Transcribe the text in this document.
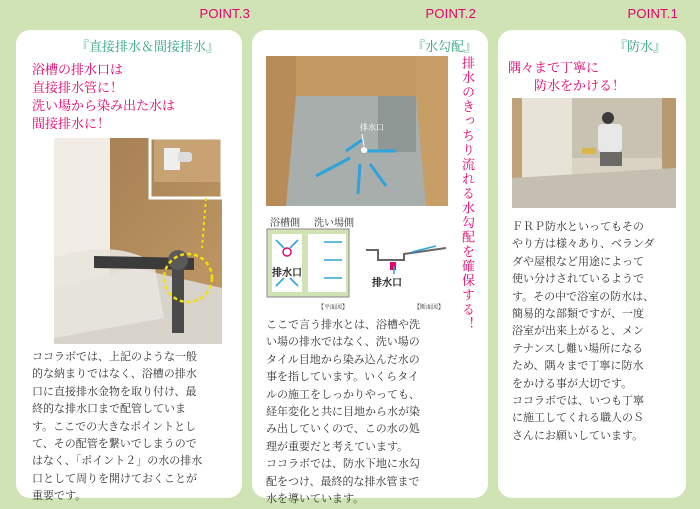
POINT.3
『直接排水＆間接排水』
浴槽の排水口は
直接排水管に！
洗い場から染み出た水は
間接排水に！
ココラボでは、上記のような一般
的な納まりではなく、浴槽の排水
口に直接排水金物を取り付け、最
終的な排水口まで配管していま
す。ここでの大きなポイントとし
て、その配管を繋いでしまうので
はなく、「ポイント２」の水の排水
口として周りを開けておくことが
重要です。
POINT.2
『水勾配』
排水口
浴槽側 洗い場側
排水口
排水口
【平面図】	【断面図】 排水のきっちり流れる水勾配を確保する！
ここで言う排水とは、浴槽や洗
い場の排水ではなく、洗い場の
タイル目地から染み込んだ水の
事を指しています。いくらタイ
ルの施工をしっかりやっても、
経年変化と共に目地から水が染
み出していくので、この水の処
理が重要だと考えています。
ココラボでは、防水下地に水勾
配をつけ、最終的な排水管まで
水を導いています。
POINT.1
『防水』
隅々まで丁寧に
防水をかける！
ＦＲＰ防水といってもその
やり方は様々あり、ベランダ
ダや屋根など用途によって
使い分けされているようで
す。その中で浴室の防水は、
簡易的な部類ですが、一度
浴室が出来上がると、メン
テナンスし難い場所になる
ため、隅々まで丁寧に防水
をかける事が大切です。
ココラボでは、いつも丁寧
に施工してくれる職人のＳ
さんにお願いしています。
